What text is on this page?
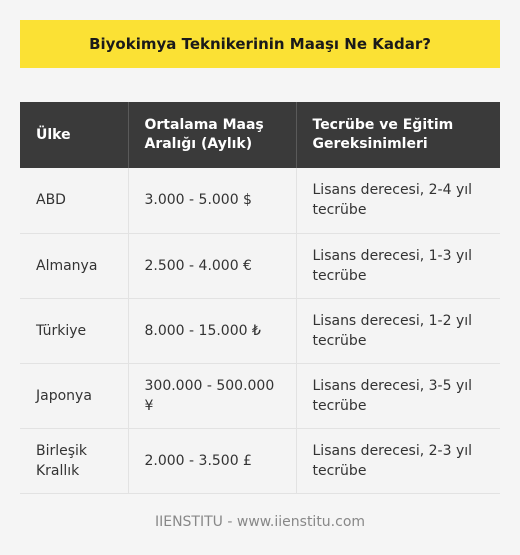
Biyokimya Teknikerinin Maaşı Ne Kadar?
Ülke	Ortalama Maaş Aralığı (Aylık)	Tecrübe ve Eğitim Gereksinimleri
ABD	3.000 - 5.000 $	Lisans derecesi, 2-4 yıl tecrübe
Almanya	2.500 - 4.000 €	Lisans derecesi, 1-3 yıl tecrübe
Türkiye	8.000 - 15.000 ₺	Lisans derecesi, 1-2 yıl tecrübe
Japonya	300.000 - 500.000 ¥	Lisans derecesi, 3-5 yıl tecrübe
Birleşik Krallık	2.000 - 3.500 £	Lisans derecesi, 2-3 yıl tecrübe
IIENSTITU - www.iienstitu.com
